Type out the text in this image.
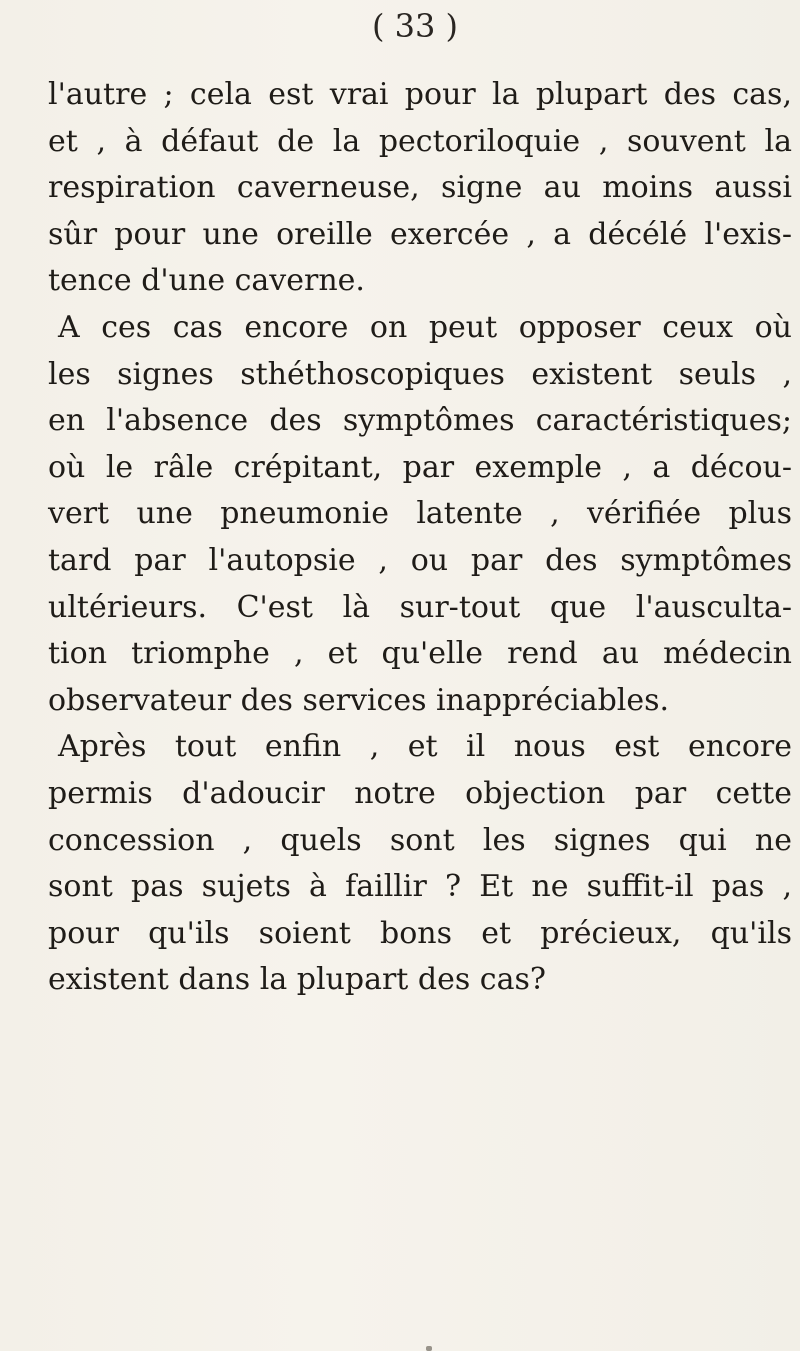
( 33 )
l'autre ; cela est vrai pour la plupart des cas,
et , à défaut de la pectoriloquie , souvent la
respiration caverneuse, signe au moins aussi
sûr pour une oreille exercée , a décélé l'exis-
tence d'une caverne.
A ces cas encore on peut opposer ceux où
les signes sthéthoscopiques existent seuls ,
en l'absence des symptômes caractéristiques;
où le râle crépitant, par exemple , a décou-
vert une pneumonie latente , vérifiée plus
tard par l'autopsie , ou par des symptômes
ultérieurs. C'est là sur-tout que l'ausculta-
tion triomphe , et qu'elle rend au médecin
observateur des services inappréciables.
Après tout enfin , et il nous est encore
permis d'adoucir notre objection par cette
concession , quels sont les signes qui ne
sont pas sujets à faillir ? Et ne suffit-il pas ,
pour qu'ils soient bons et précieux, qu'ils
existent dans la plupart des cas?
